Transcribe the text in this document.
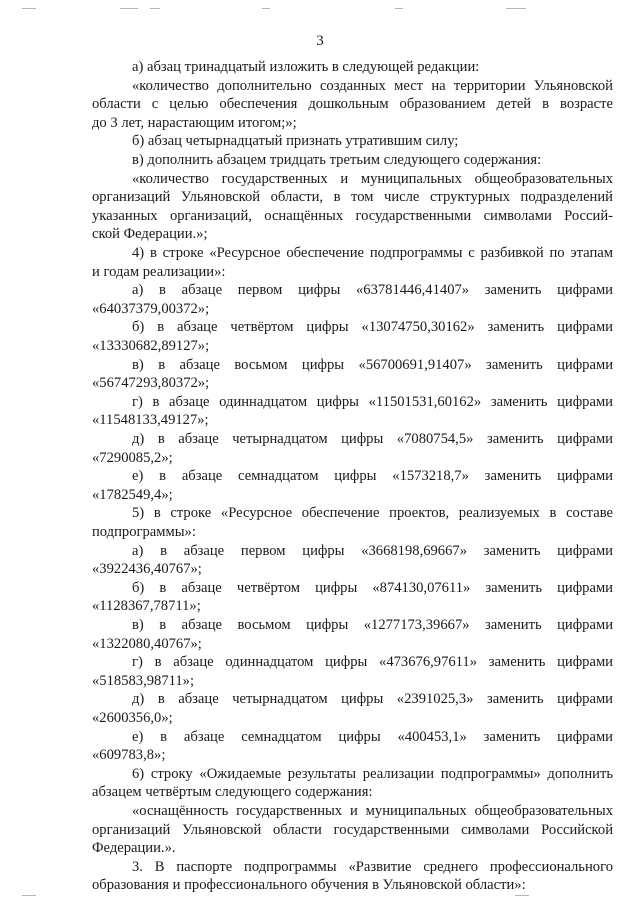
3
а) абзац тринадцатый изложить в следующей редакции:
«количество дополнительно созданных мест на территории Ульяновской
области с целью обеспечения дошкольным образованием детей в возрасте
до 3 лет, нарастающим итогом;»;
б) абзац четырнадцатый признать утратившим силу;
в) дополнить абзацем тридцать третьим следующего содержания:
«количество государственных и муниципальных общеобразовательных
организаций Ульяновской области, в том числе структурных подразделений
указанных организаций, оснащённых государственными символами Россий-
ской Федерации.»;
4) в строке «Ресурсное обеспечение подпрограммы с разбивкой по этапам
и годам реализации»:
а) в абзаце первом цифры «63781446,41407» заменить цифрами
«64037379,00372»;
б) в абзаце четвёртом цифры «13074750,30162» заменить цифрами
«13330682,89127»;
в) в абзаце восьмом цифры «56700691,91407» заменить цифрами
«56747293,80372»;
г) в абзаце одиннадцатом цифры «11501531,60162» заменить цифрами
«11548133,49127»;
д) в абзаце четырнадцатом цифры «7080754,5» заменить цифрами
«7290085,2»;
е) в абзаце семнадцатом цифры «1573218,7» заменить цифрами
«1782549,4»;
5) в строке «Ресурсное обеспечение проектов, реализуемых в составе
подпрограммы»:
а) в абзаце первом цифры «3668198,69667» заменить цифрами
«3922436,40767»;
б) в абзаце четвёртом цифры «874130,07611» заменить цифрами
«1128367,78711»;
в) в абзаце восьмом цифры «1277173,39667» заменить цифрами
«1322080,40767»;
г) в абзаце одиннадцатом цифры «473676,97611» заменить цифрами
«518583,98711»;
д) в абзаце четырнадцатом цифры «2391025,3» заменить цифрами
«2600356,0»;
е) в абзаце семнадцатом цифры «400453,1» заменить цифрами
«609783,8»;
6) строку «Ожидаемые результаты реализации подпрограммы» дополнить
абзацем четвёртым следующего содержания:
«оснащённость государственных и муниципальных общеобразовательных
организаций Ульяновской области государственными символами Российской
Федерации.».
3. В паспорте подпрограммы «Развитие среднего профессионального
образования и профессионального обучения в Ульяновской области»:
